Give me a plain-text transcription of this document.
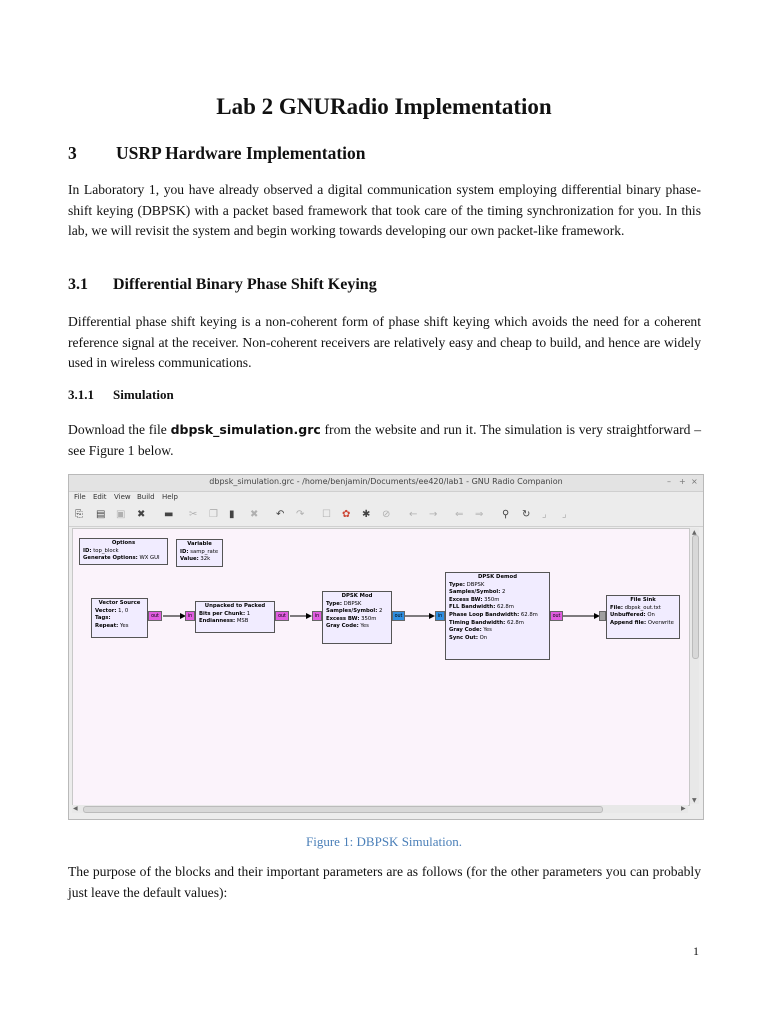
Lab 2 GNURadio Implementation
3 USRP Hardware Implementation
In Laboratory 1, you have already observed a digital communication system employing differential binary phase-shift keying (DBPSK) with a packet based framework that took care of the timing synchronization for you. In this lab, we will revisit the system and begin working towards developing our own packet-like framework.
3.1 Differential Binary Phase Shift Keying
Differential phase shift keying is a non-coherent form of phase shift keying which avoids the need for a coherent reference signal at the receiver. Non-coherent receivers are relatively easy and cheap to build, and hence are widely used in wireless communications.
3.1.1 Simulation
Download the file dbpsk_simulation.grc from the website and run it. The simulation is very straightforward – see Figure 1 below.
dbpsk_simulation.grc - /home/benjamin/Documents/ee420/lab1 - GNU Radio Companion	– + ×
File Edit View Build Help
⎘ ▤ ▣ ✖ ▬ ✂ ❐ ▮ ✖ ↶ ↷ ☐ ✿ ✱ ⊘ ← → ⇐ ⇒ ⚲ ↻ ⌟ ⌟
Options
ID: top_block
Generate Options: WX GUI
Variable
ID: samp_rate
Value: 32k
Vector Source
Vector: 1, 0
Tags:
Repeat: Yes
out	in
Unpacked to Packed
Bits per Chunk: 1
Endianness: MSB
out	in
DPSK Mod
Type: DBPSK
Samples/Symbol: 2
Excess BW: 350m
Gray Code: Yes
out	in
DPSK Demod
Type: DBPSK
Samples/Symbol: 2
Excess BW: 350m
FLL Bandwidth: 62.8m
Phase Loop Bandwidth: 62.8m
Timing Bandwidth: 62.8m
Gray Code: Yes
Sync Out: On
out
File Sink
File: dbpsk_out.txt
Unbuffered: On
Append file: Overwrite
▲
▼
◀	▶
Figure 1: DBPSK Simulation.
The purpose of the blocks and their important parameters are as follows (for the other parameters you can probably just leave the default values):
1
